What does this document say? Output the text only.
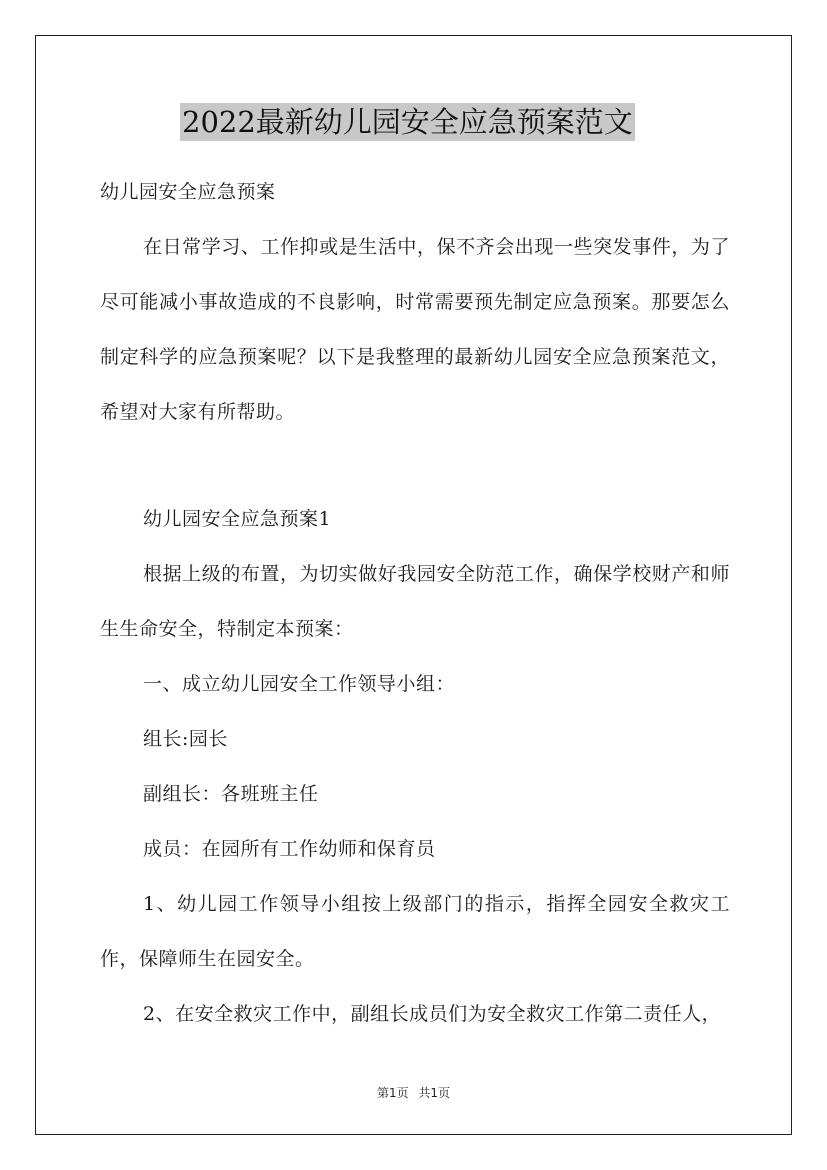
2022最新幼儿园安全应急预案范文

幼儿园安全应急预案

在日常学习、工作抑或是生活中，保不齐会出现一些突发事件，为了尽可能减小事故造成的不良影响，时常需要预先制定应急预案。那要怎么制定科学的应急预案呢？以下是我整理的最新幼儿园安全应急预案范文，希望对大家有所帮助。

幼儿园安全应急预案1

根据上级的布置，为切实做好我园安全防范工作，确保学校财产和师生生命安全，特制定本预案：

一、成立幼儿园安全工作领导小组：

组长:园长

副组长：各班班主任

成员：在园所有工作幼师和保育员

1、幼儿园工作领导小组按上级部门的指示，指挥全园安全救灾工作，保障师生在园安全。

2、在安全救灾工作中，副组长成员们为安全救灾工作第二责任人，

第1页 共1页
